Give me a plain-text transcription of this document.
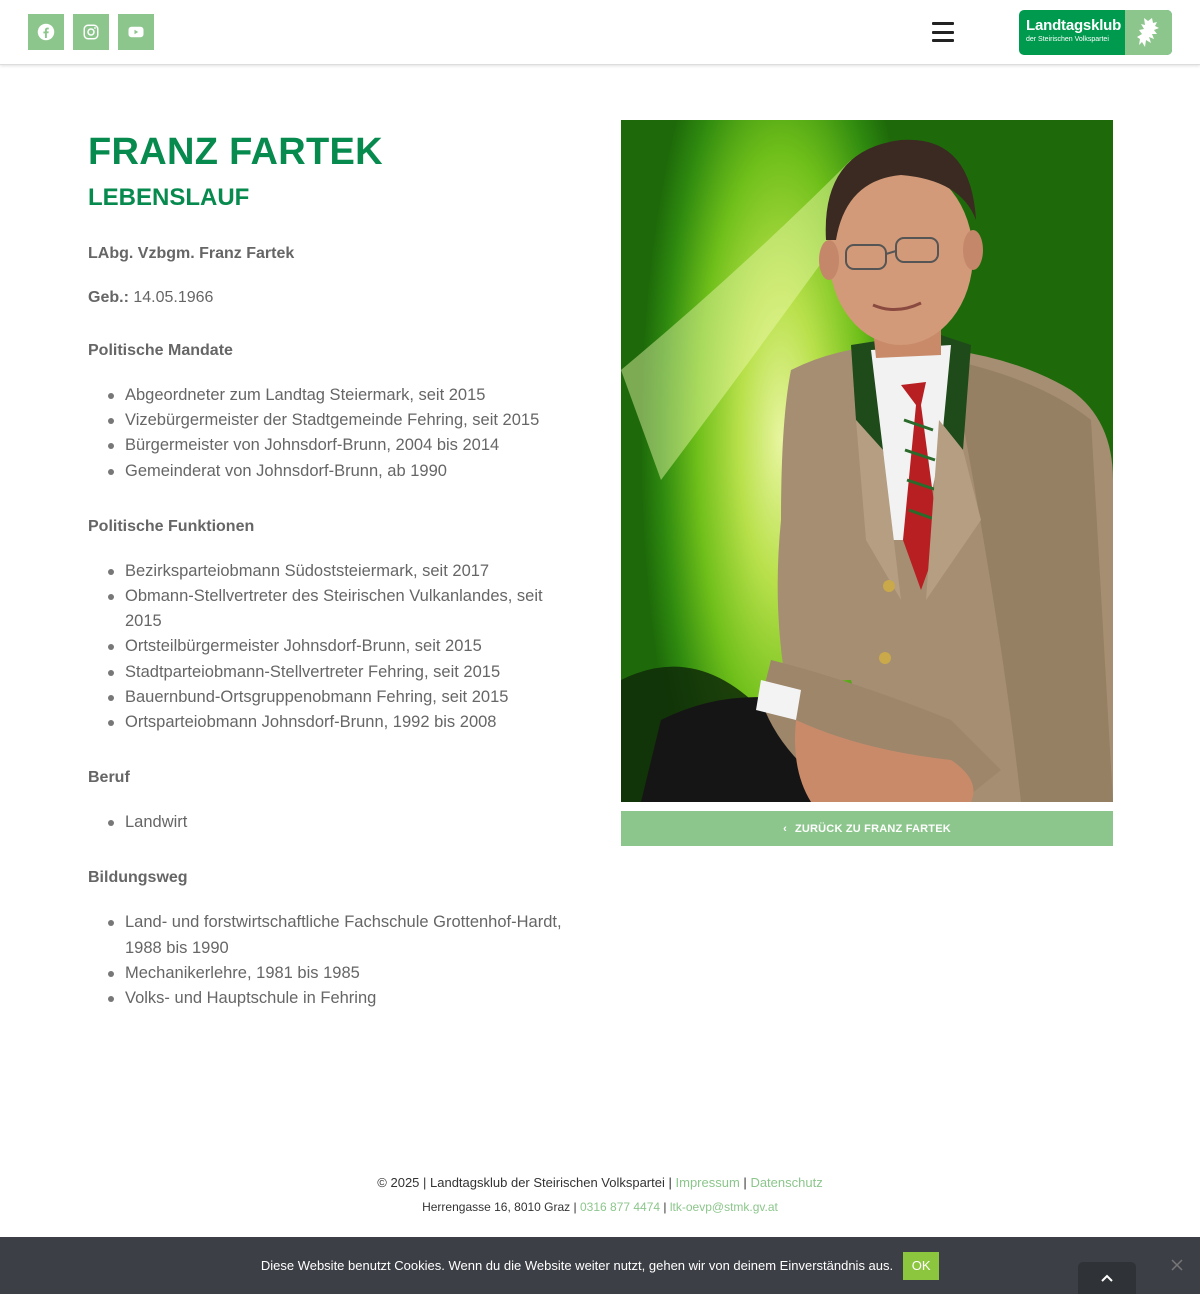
Landtagsklub
der Steirischen Volkspartei
FRANZ FARTEK
LEBENSLAUF

LAbg. Vzbgm. Franz Fartek

Geb.: 14.05.1966

Politische Mandate
Abgeordneter zum Landtag Steiermark, seit 2015
Vizebürgermeister der Stadtgemeinde Fehring, seit 2015
Bürgermeister von Johnsdorf-Brunn, 2004 bis 2014
Gemeinderat von Johnsdorf-Brunn, ab 1990
Politische Funktionen
Bezirksparteiobmann Südoststeiermark, seit 2017
Obmann-Stellvertreter des Steirischen Vulkanlandes, seit 2015
Ortsteilbürgermeister Johnsdorf-Brunn, seit 2015
Stadtparteiobmann-Stellvertreter Fehring, seit 2015
Bauernbund-Ortsgruppenobmann Fehring, seit 2015
Ortsparteiobmann Johnsdorf-Brunn, 1992 bis 2008
Beruf
Landwirt
Bildungsweg
Land- und forstwirtschaftliche Fachschule Grottenhof-Hardt, 1988 bis 1990
Mechanikerlehre, 1981 bis 1985
Volks- und Hauptschule in Fehring
‹ ZURÜCK ZU FRANZ FARTEK
© 2025 | Landtagsklub der Steirischen Volkspartei | Impressum | Datenschutz
Herrengasse 16, 8010 Graz | 0316 877 4474 | ltk-oevp@stmk.gv.at
Diese Website benutzt Cookies. Wenn du die Website weiter nutzt, gehen wir von deinem Einverständnis aus.	OK
